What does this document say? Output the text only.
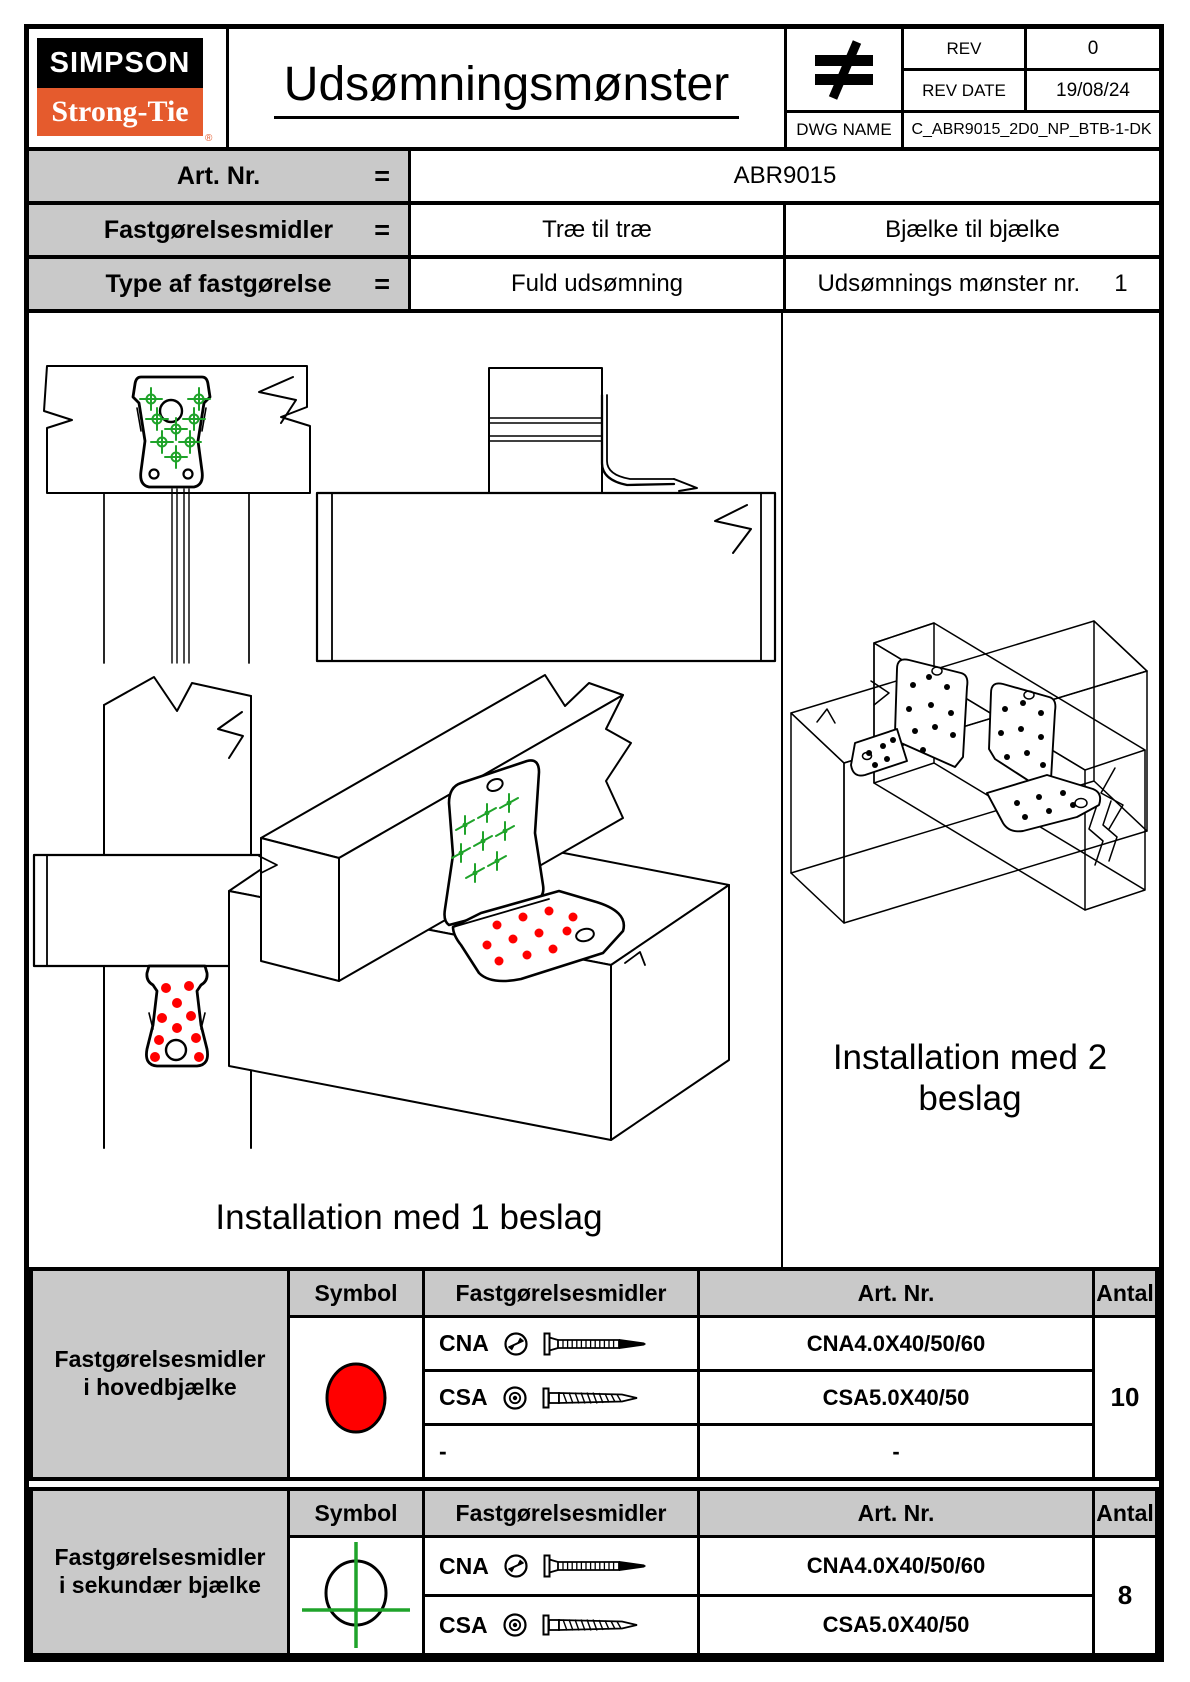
SIMPSON
Strong-Tie
®
Udsømningsmønster
REV	0
REV DATE	19/08/24
DWG NAME	C_ABR9015_2D0_NP_BTB-1-DK
Art. Nr.	=	ABR9015
Fastgørelsesmidler =	Træ til træ	Bjælke til bjælke
Type af fastgørelse =	Fuld udsømning	Udsømnings mønster nr. 1
Installation med 1 beslag
Installation med 2
beslag
Fastgørelsesmidler
i hovedbjælke
Symbol	Fastgørelsesmidler	Art. Nr.	Antal
CNA	CNA4.0X40/50/60
CSA	CSA5.0X40/50
-	-
10
Fastgørelsesmidler
i sekundær bjælke
Symbol	Fastgørelsesmidler	Art. Nr.	Antal
CNA	CNA4.0X40/50/60
CSA	CSA5.0X40/50
8
